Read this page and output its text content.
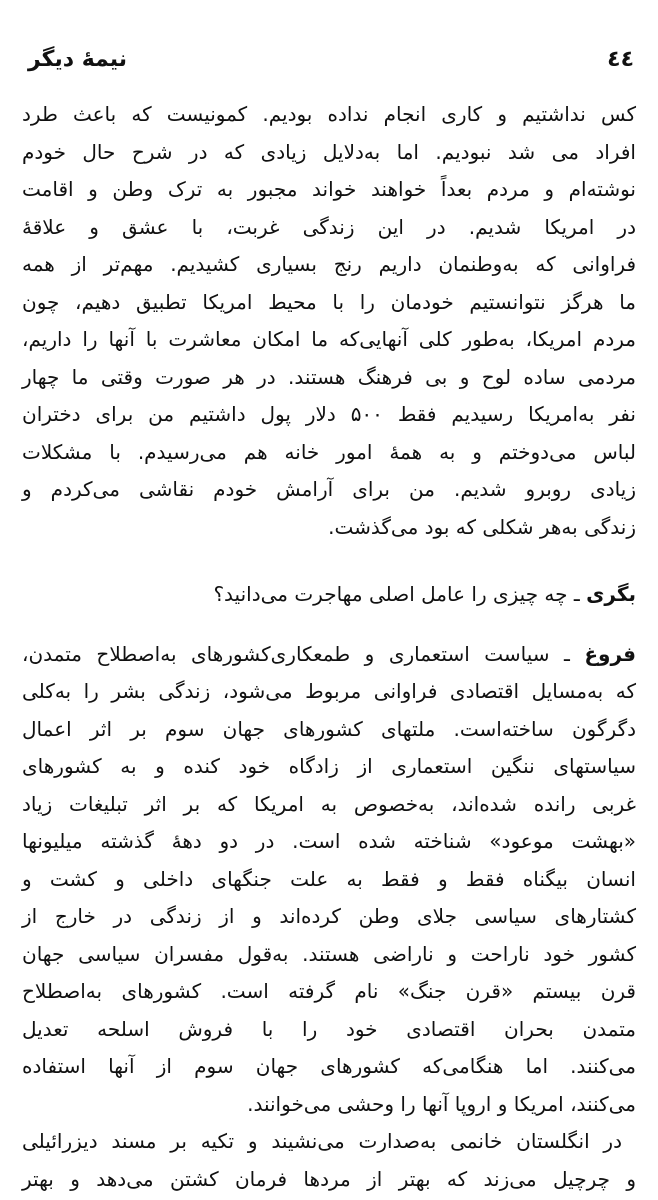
٤٤
نيمهٔ ديگر
کس نداشتيم و کاری انجام نداده بوديم. کمونيست که باعث طرد
افراد می شد نبوديم. اما به‌دلايل زيادی که در شرح حال خودم
نوشته‌ام و مردم بعداً خواهند خواند مجبور به ترک وطن و اقامت
در امريکا شديم. در اين زندگی غربت، با عشق و علاقهٔ
فراوانی که به‌وطنمان داريم رنج بسياری کشيديم. مهم‌تر از همه
ما هرگز نتوانستيم خودمان را با محيط امريکا تطبيق دهيم، چون
مردم امريکا، به‌طور کلی آنهايی‌که ما امکان معاشرت با آنها را داريم،
مردمی ساده لوح و بی فرهنگ هستند. در هر صورت وقتی ما چهار
نفر به‌امريکا رسيديم فقط ۵۰۰ دلار پول داشتيم من برای دختران
لباس می‌دوختم و به همهٔ امور خانه هم می‌رسيدم. با مشکلات
زيادی روبرو شديم. من برای آرامش خودم نقاشی می‌کردم و
زندگی به‌هر شکلی که بود می‌گذشت.
بگری ـ چه چيزی را عامل اصلی مهاجرت می‌دانيد؟
فروغ ـ سياست استعماری و طمعکاری‌کشورهای به‌اصطلاح متمدن،
که به‌مسايل اقتصادی فراوانی مربوط می‌شود، زندگی بشر را به‌کلی
دگرگون ساخته‌است. ملتهای کشورهای جهان سوم بر اثر اعمال
سياستهای ننگين استعماری از زادگاه خود کنده و به کشورهای
غربی رانده شده‌اند، به‌خصوص به امريکا که بر اثر تبليغات زياد
«بهشت موعود» شناخته شده است. در دو دههٔ گذشته ميليونها
انسان بيگناه فقط و فقط به علت جنگهای داخلی و کشت و
کشتارهای سياسی جلای وطن کرده‌اند و از زندگی در خارج از
کشور خود ناراحت و ناراضی هستند. به‌قول مفسران سياسی جهان
قرن بيستم «قرن جنگ» نام گرفته است. کشورهای به‌اصطلاح
متمدن بحران اقتصادی خود را با فروش اسلحه تعديل
می‌کنند. اما هنگامی‌که کشورهای جهان سوم از آنها استفاده
می‌کنند، امريکا و اروپا آنها را وحشی می‌خوانند.
در انگلستان خانمی به‌صدارت می‌نشيند و تکيه بر مسند ديزرائيلی
و چرچيل می‌زند که بهتر از مردها فرمان کشتن می‌دهد و بهتر
